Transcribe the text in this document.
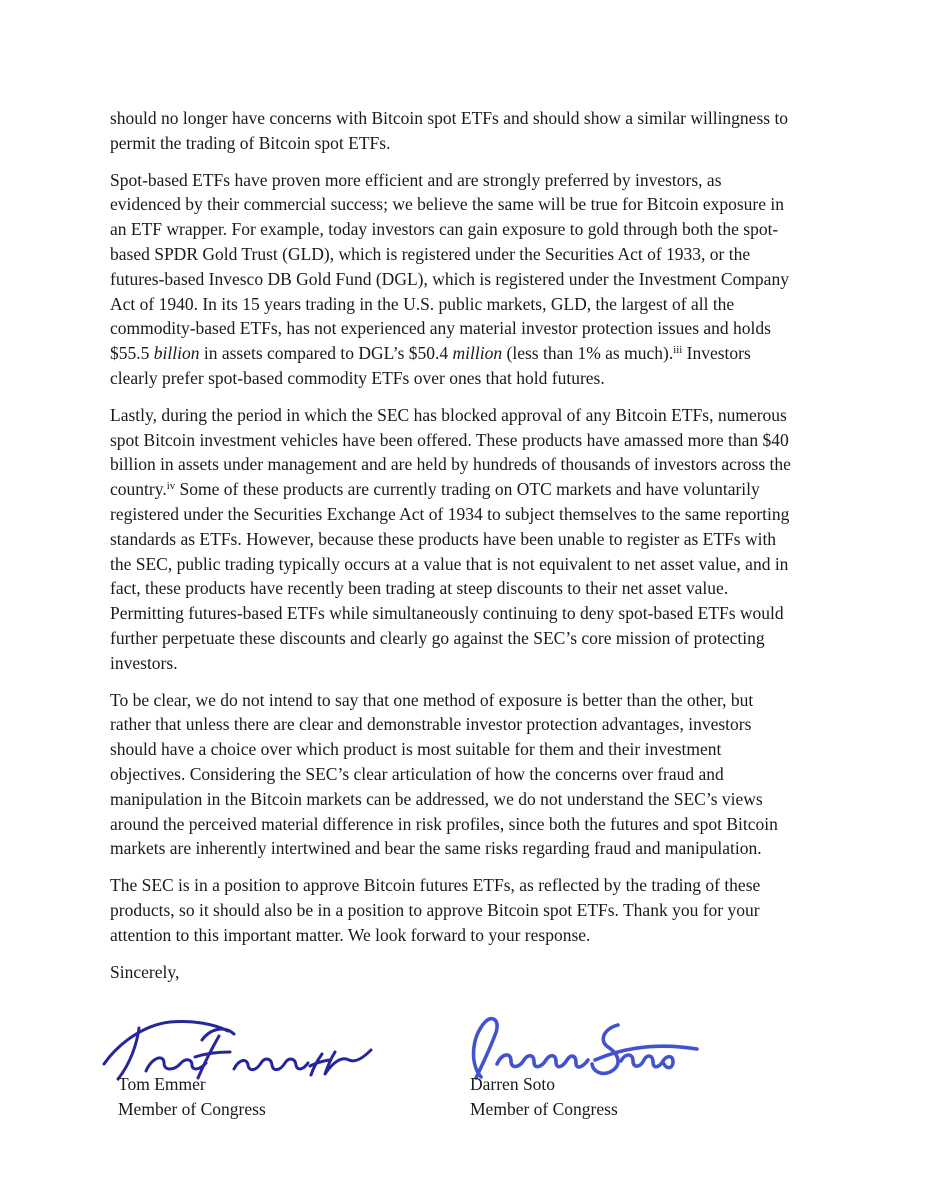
should no longer have concerns with Bitcoin spot ETFs and should show a similar willingness to
permit the trading of Bitcoin spot ETFs.
Spot-based ETFs have proven more efficient and are strongly preferred by investors, as
evidenced by their commercial success; we believe the same will be true for Bitcoin exposure in
an ETF wrapper. For example, today investors can gain exposure to gold through both the spot-
based SPDR Gold Trust (GLD), which is registered under the Securities Act of 1933, or the
futures-based Invesco DB Gold Fund (DGL), which is registered under the Investment Company
Act of 1940. In its 15 years trading in the U.S. public markets, GLD, the largest of all the
commodity-based ETFs, has not experienced any material investor protection issues and holds
$55.5 billion in assets compared to DGL’s $50.4 million (less than 1% as much).$^{iii}$ Investors
clearly prefer spot-based commodity ETFs over ones that hold futures.
Lastly, during the period in which the SEC has blocked approval of any Bitcoin ETFs, numerous
spot Bitcoin investment vehicles have been offered. These products have amassed more than $40
billion in assets under management and are held by hundreds of thousands of investors across the
country.$^{iv}$ Some of these products are currently trading on OTC markets and have voluntarily
registered under the Securities Exchange Act of 1934 to subject themselves to the same reporting
standards as ETFs. However, because these products have been unable to register as ETFs with
the SEC, public trading typically occurs at a value that is not equivalent to net asset value, and in
fact, these products have recently been trading at steep discounts to their net asset value.
Permitting futures-based ETFs while simultaneously continuing to deny spot-based ETFs would
further perpetuate these discounts and clearly go against the SEC’s core mission of protecting
investors.
To be clear, we do not intend to say that one method of exposure is better than the other, but
rather that unless there are clear and demonstrable investor protection advantages, investors
should have a choice over which product is most suitable for them and their investment
objectives. Considering the SEC’s clear articulation of how the concerns over fraud and
manipulation in the Bitcoin markets can be addressed, we do not understand the SEC’s views
around the perceived material difference in risk profiles, since both the futures and spot Bitcoin
markets are inherently intertwined and bear the same risks regarding fraud and manipulation.
The SEC is in a position to approve Bitcoin futures ETFs, as reflected by the trading of these
products, so it should also be in a position to approve Bitcoin spot ETFs. Thank you for your
attention to this important matter. We look forward to your response.
Sincerely,
Tom Emmer
Member of Congress
Darren Soto
Member of Congress
